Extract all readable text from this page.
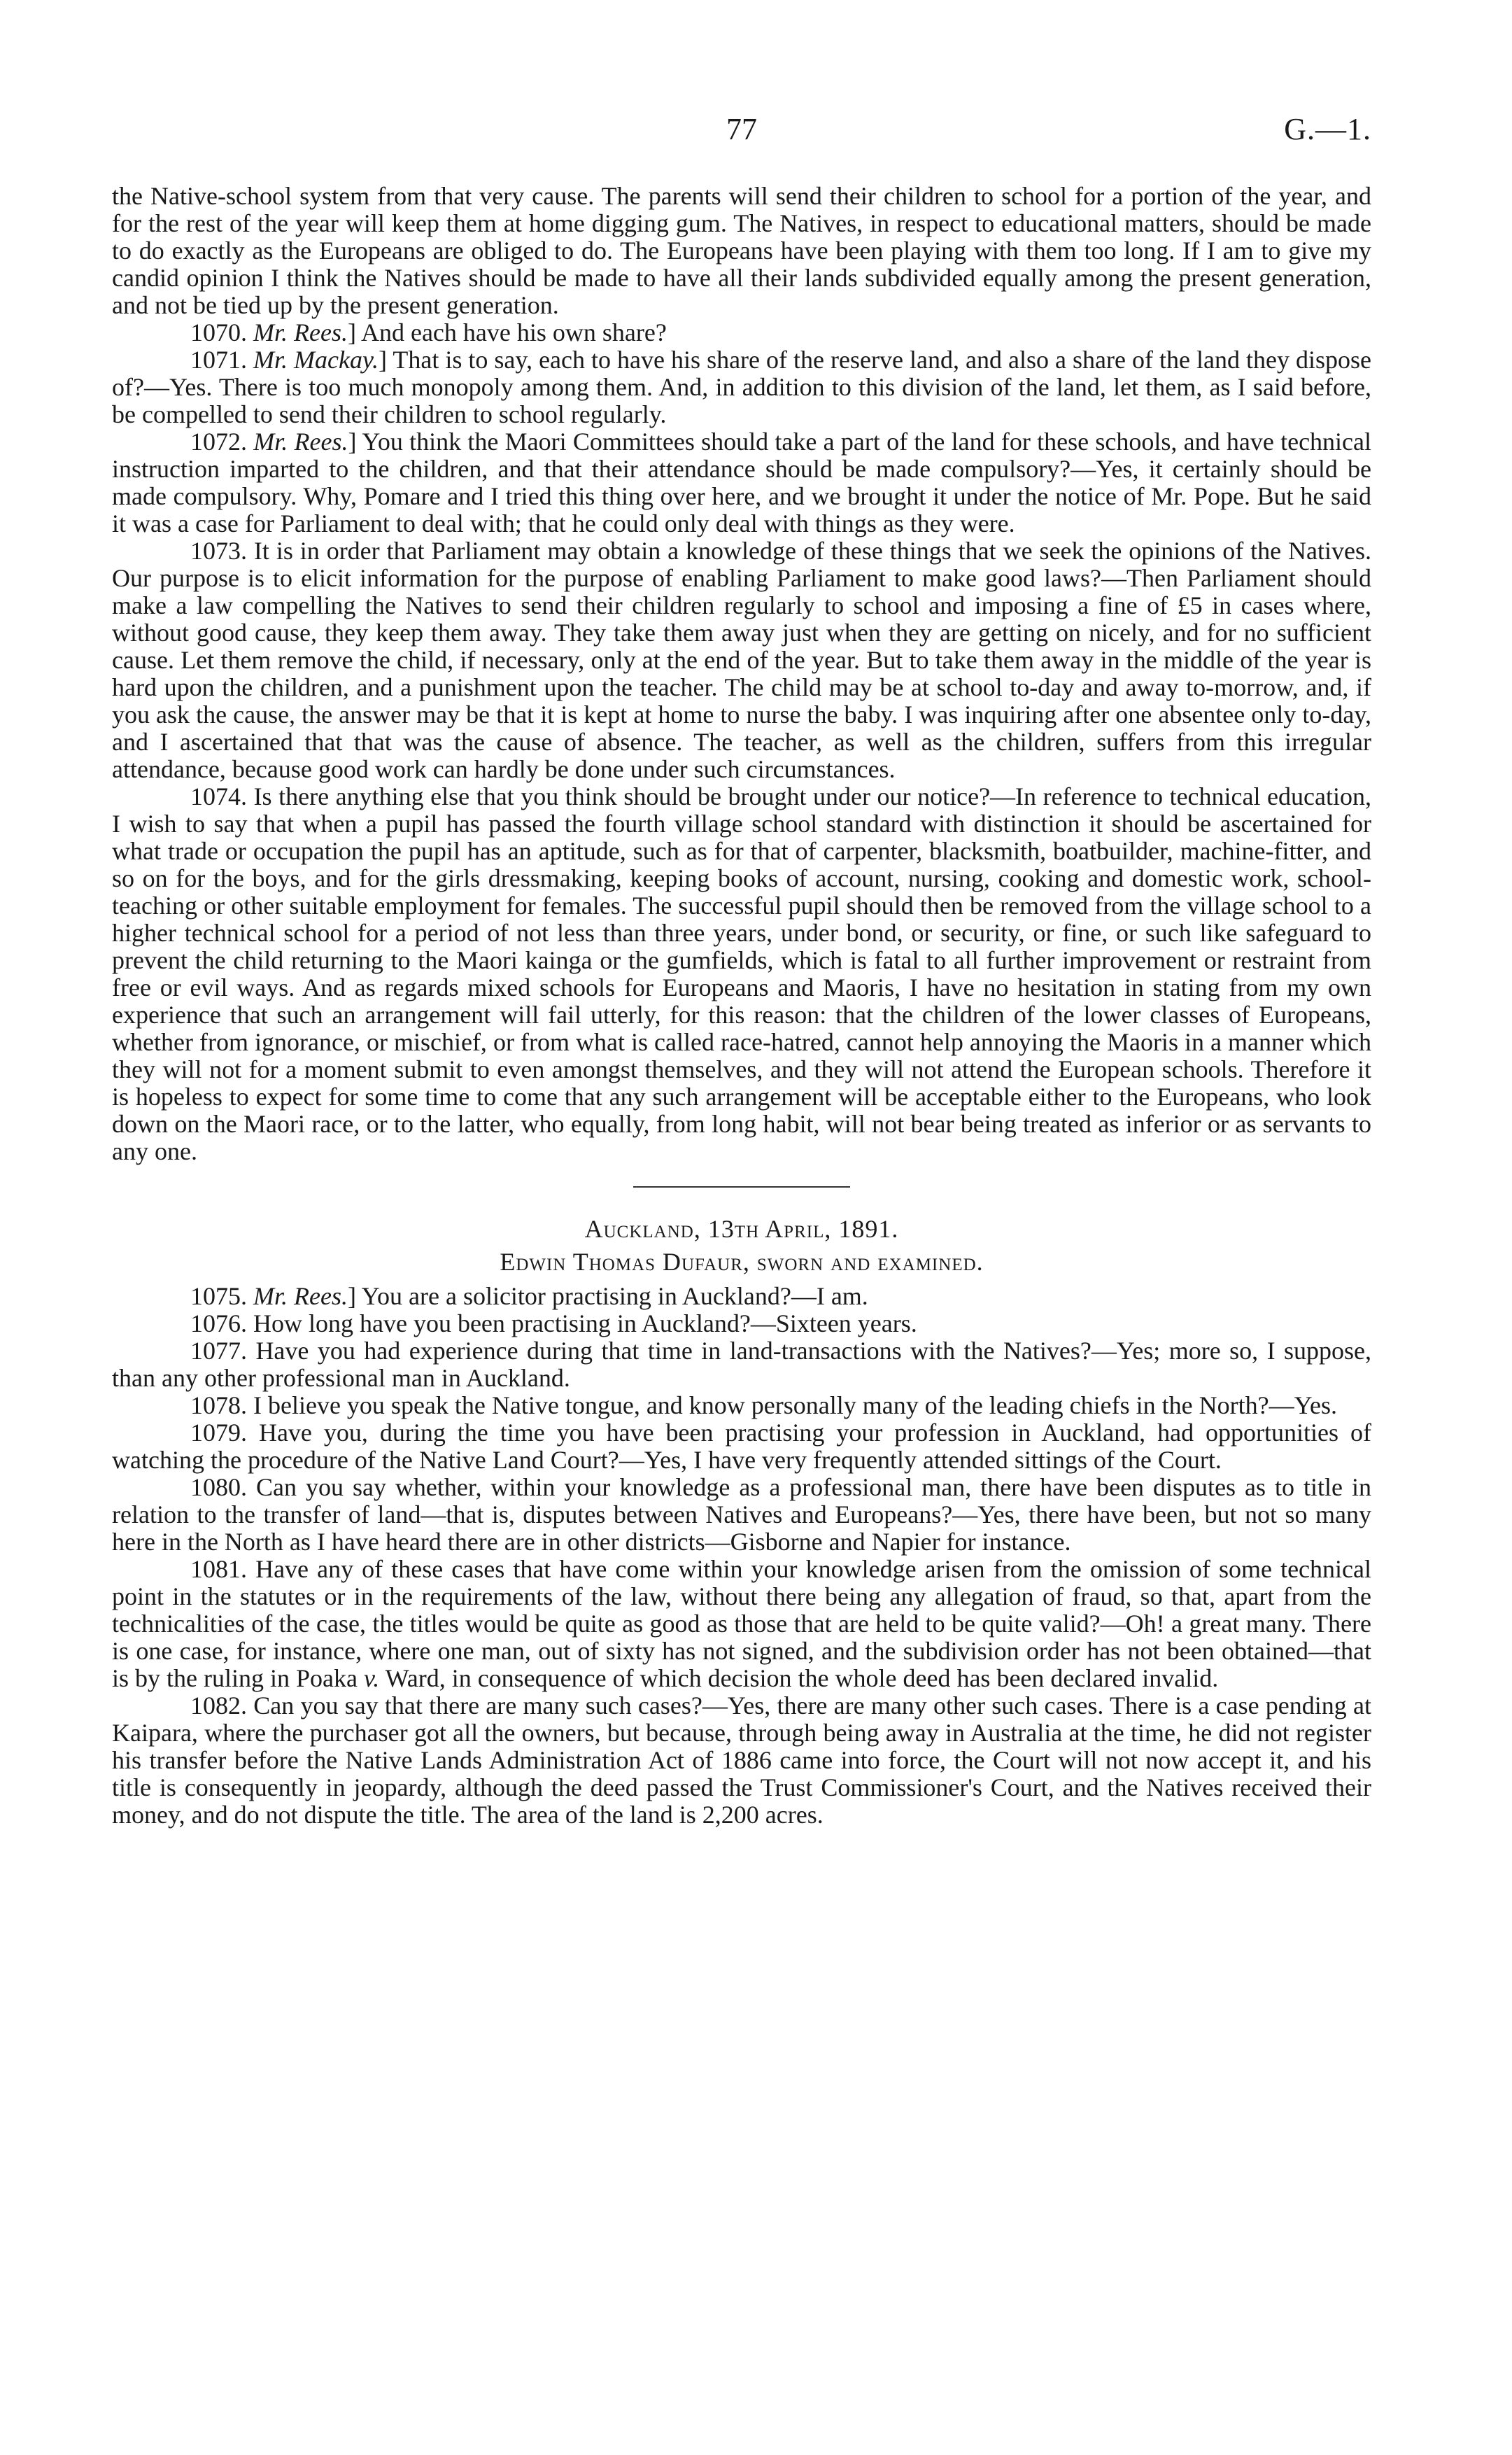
77	G.—1.

the Native-school system from that very cause. The parents will send their children to school for a portion of the year, and for the rest of the year will keep them at home digging gum. The Natives, in respect to educational matters, should be made to do exactly as the Europeans are obliged to do. The Europeans have been playing with them too long. If I am to give my candid opinion I think the Natives should be made to have all their lands subdivided equally among the present generation, and not be tied up by the present generation.

1070. Mr. Rees.] And each have his own share?

1071. Mr. Mackay.] That is to say, each to have his share of the reserve land, and also a share of the land they dispose of?—Yes. There is too much monopoly among them. And, in addition to this division of the land, let them, as I said before, be compelled to send their children to school regularly.

1072. Mr. Rees.] You think the Maori Committees should take a part of the land for these schools, and have technical instruction imparted to the children, and that their attendance should be made compulsory?—Yes, it certainly should be made compulsory. Why, Pomare and I tried this thing over here, and we brought it under the notice of Mr. Pope. But he said it was a case for Parliament to deal with; that he could only deal with things as they were.

1073. It is in order that Parliament may obtain a knowledge of these things that we seek the opinions of the Natives. Our purpose is to elicit information for the purpose of enabling Parliament to make good laws?—Then Parliament should make a law compelling the Natives to send their children regularly to school and imposing a fine of £5 in cases where, without good cause, they keep them away. They take them away just when they are getting on nicely, and for no sufficient cause. Let them remove the child, if necessary, only at the end of the year. But to take them away in the middle of the year is hard upon the children, and a punishment upon the teacher. The child may be at school to-day and away to-morrow, and, if you ask the cause, the answer may be that it is kept at home to nurse the baby. I was inquiring after one absentee only to-day, and I ascertained that that was the cause of absence. The teacher, as well as the children, suffers from this irregular attendance, because good work can hardly be done under such circumstances.

1074. Is there anything else that you think should be brought under our notice?—In reference to technical education, I wish to say that when a pupil has passed the fourth village school standard with distinction it should be ascertained for what trade or occupation the pupil has an aptitude, such as for that of carpenter, blacksmith, boatbuilder, machine-fitter, and so on for the boys, and for the girls dressmaking, keeping books of account, nursing, cooking and domestic work, school-teaching or other suitable employment for females. The successful pupil should then be removed from the village school to a higher technical school for a period of not less than three years, under bond, or security, or fine, or such like safeguard to prevent the child returning to the Maori kainga or the gumfields, which is fatal to all further improvement or restraint from free or evil ways. And as regards mixed schools for Europeans and Maoris, I have no hesitation in stating from my own experience that such an arrangement will fail utterly, for this reason: that the children of the lower classes of Europeans, whether from ignorance, or mischief, or from what is called race-hatred, cannot help annoying the Maoris in a manner which they will not for a moment submit to even amongst themselves, and they will not attend the European schools. Therefore it is hopeless to expect for some time to come that any such arrangement will be acceptable either to the Europeans, who look down on the Maori race, or to the latter, who equally, from long habit, will not bear being treated as inferior or as servants to any one.

Auckland, 13th April, 1891.

Edwin Thomas Dufaur, sworn and examined.

1075. Mr. Rees.] You are a solicitor practising in Auckland?—I am.

1076. How long have you been practising in Auckland?—Sixteen years.

1077. Have you had experience during that time in land-transactions with the Natives?—Yes; more so, I suppose, than any other professional man in Auckland.

1078. I believe you speak the Native tongue, and know personally many of the leading chiefs in the North?—Yes.

1079. Have you, during the time you have been practising your profession in Auckland, had opportunities of watching the procedure of the Native Land Court?—Yes, I have very frequently attended sittings of the Court.

1080. Can you say whether, within your knowledge as a professional man, there have been disputes as to title in relation to the transfer of land—that is, disputes between Natives and Europeans?—Yes, there have been, but not so many here in the North as I have heard there are in other districts—Gisborne and Napier for instance.

1081. Have any of these cases that have come within your knowledge arisen from the omission of some technical point in the statutes or in the requirements of the law, without there being any allegation of fraud, so that, apart from the technicalities of the case, the titles would be quite as good as those that are held to be quite valid?—Oh! a great many. There is one case, for instance, where one man, out of sixty has not signed, and the subdivision order has not been obtained—that is by the ruling in Poaka v. Ward, in consequence of which decision the whole deed has been declared invalid.

1082. Can you say that there are many such cases?—Yes, there are many other such cases. There is a case pending at Kaipara, where the purchaser got all the owners, but because, through being away in Australia at the time, he did not register his transfer before the Native Lands Administration Act of 1886 came into force, the Court will not now accept it, and his title is consequently in jeopardy, although the deed passed the Trust Commissioner's Court, and the Natives received their money, and do not dispute the title. The area of the land is 2,200 acres.
